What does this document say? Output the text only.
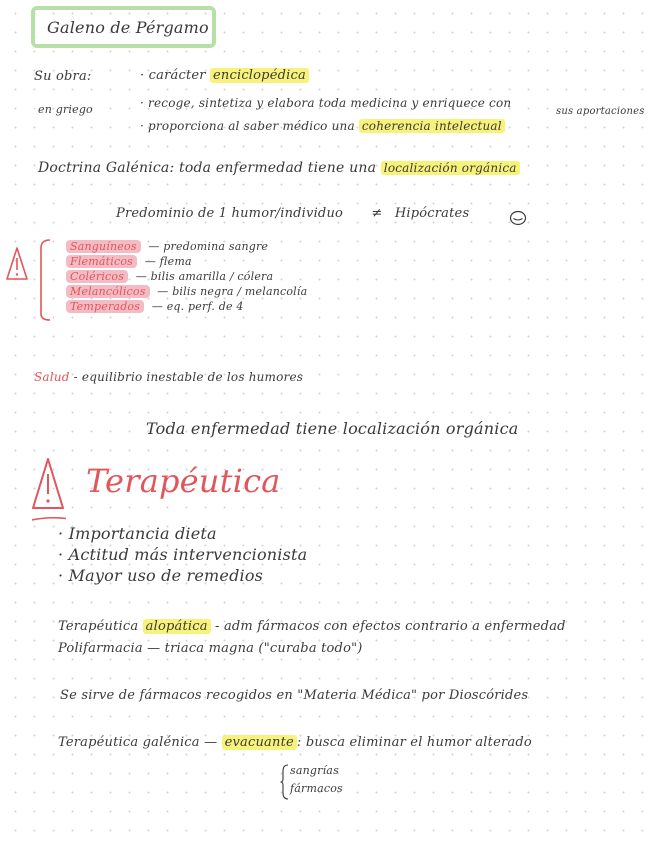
Galeno de Pérgamo
Su obra:
en griego
· carácter enciclopédica
· recoge, sintetiza y elabora toda medicina y enriquece con
sus aportaciones
· proporciona al saber médico una coherencia intelectual
Doctrina Galénica: toda enfermedad tiene una localización orgánica
Predominio de 1 humor/individuo ≠ Hipócrates
Sanguíneos — predomina sangre
Flemáticos — flema
Coléricos — bilis amarilla / cólera
Melancólicos — bilis negra / melancolía
Temperados — eq. perf. de 4
Salud - equilibrio inestable de los humores
Toda enfermedad tiene localización orgánica
Terapéutica
· Importancia dieta
· Actitud más intervencionista
· Mayor uso de remedios
Terapéutica alopática - adm fármacos con efectos contrario a enfermedad
Polifarmacia — triaca magna ("curaba todo")
Se sirve de fármacos recogidos en "Materia Médica" por Dioscórides
Terapéutica galénica — evacuante : busca eliminar el humor alterado
sangrías
fármacos
